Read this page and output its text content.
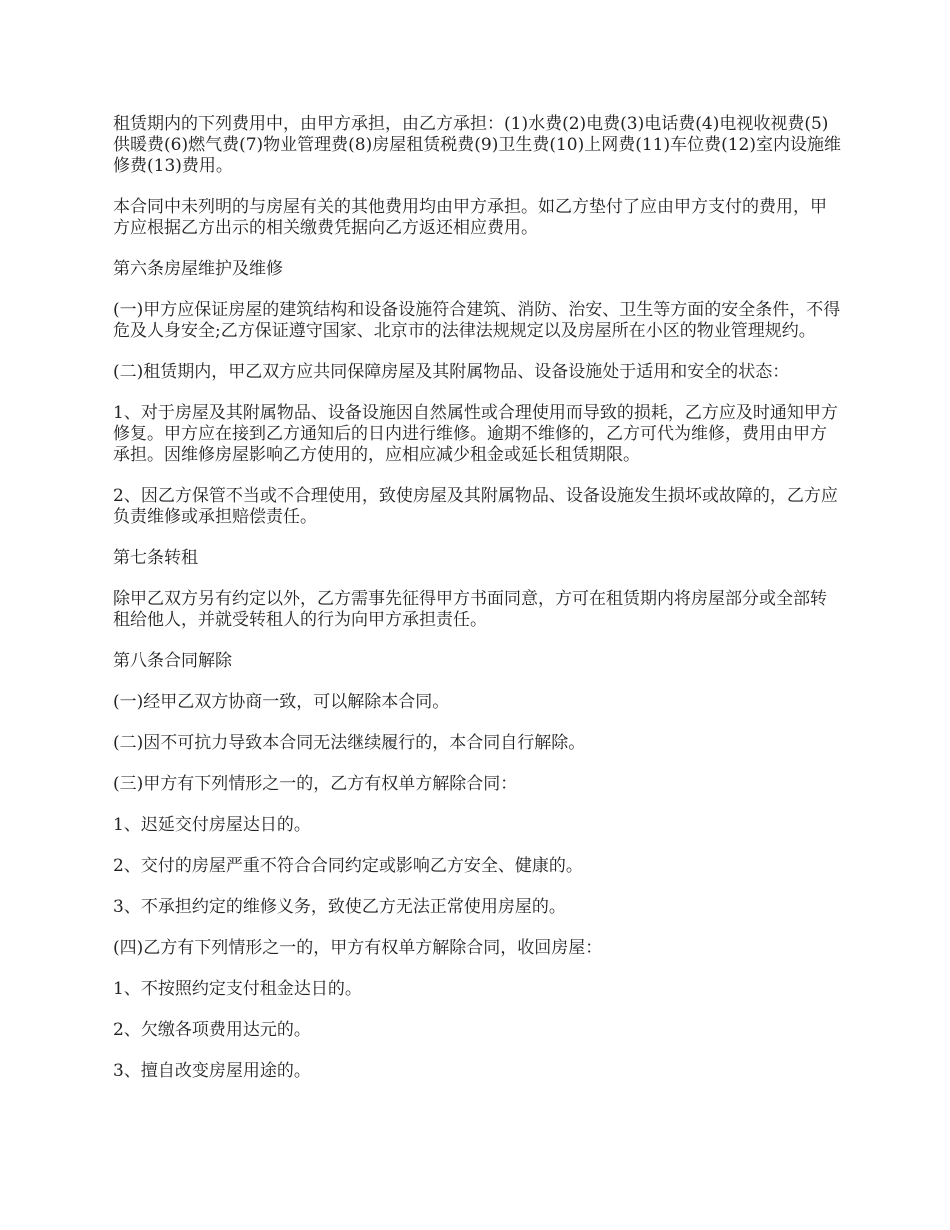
租赁期内的下列费用中，由甲方承担，由乙方承担：(1)水费(2)电费(3)电话费(4)电视收视费(5)供暖费(6)燃气费(7)物业管理费(8)房屋租赁税费(9)卫生费(10)上网费(11)车位费(12)室内设施维修费(13)费用。

本合同中未列明的与房屋有关的其他费用均由甲方承担。如乙方垫付了应由甲方支付的费用，甲方应根据乙方出示的相关缴费凭据向乙方返还相应费用。

第六条房屋维护及维修

(一)甲方应保证房屋的建筑结构和设备设施符合建筑、消防、治安、卫生等方面的安全条件，不得危及人身安全;乙方保证遵守国家、北京市的法律法规规定以及房屋所在小区的物业管理规约。

(二)租赁期内，甲乙双方应共同保障房屋及其附属物品、设备设施处于适用和安全的状态：

1、对于房屋及其附属物品、设备设施因自然属性或合理使用而导致的损耗，乙方应及时通知甲方修复。甲方应在接到乙方通知后的日内进行维修。逾期不维修的，乙方可代为维修，费用由甲方承担。因维修房屋影响乙方使用的，应相应减少租金或延长租赁期限。

2、因乙方保管不当或不合理使用，致使房屋及其附属物品、设备设施发生损坏或故障的，乙方应负责维修或承担赔偿责任。

第七条转租

除甲乙双方另有约定以外，乙方需事先征得甲方书面同意，方可在租赁期内将房屋部分或全部转租给他人，并就受转租人的行为向甲方承担责任。

第八条合同解除

(一)经甲乙双方协商一致，可以解除本合同。

(二)因不可抗力导致本合同无法继续履行的，本合同自行解除。

(三)甲方有下列情形之一的，乙方有权单方解除合同：

1、迟延交付房屋达日的。

2、交付的房屋严重不符合合同约定或影响乙方安全、健康的。

3、不承担约定的维修义务，致使乙方无法正常使用房屋的。

(四)乙方有下列情形之一的，甲方有权单方解除合同，收回房屋：

1、不按照约定支付租金达日的。

2、欠缴各项费用达元的。

3、擅自改变房屋用途的。
